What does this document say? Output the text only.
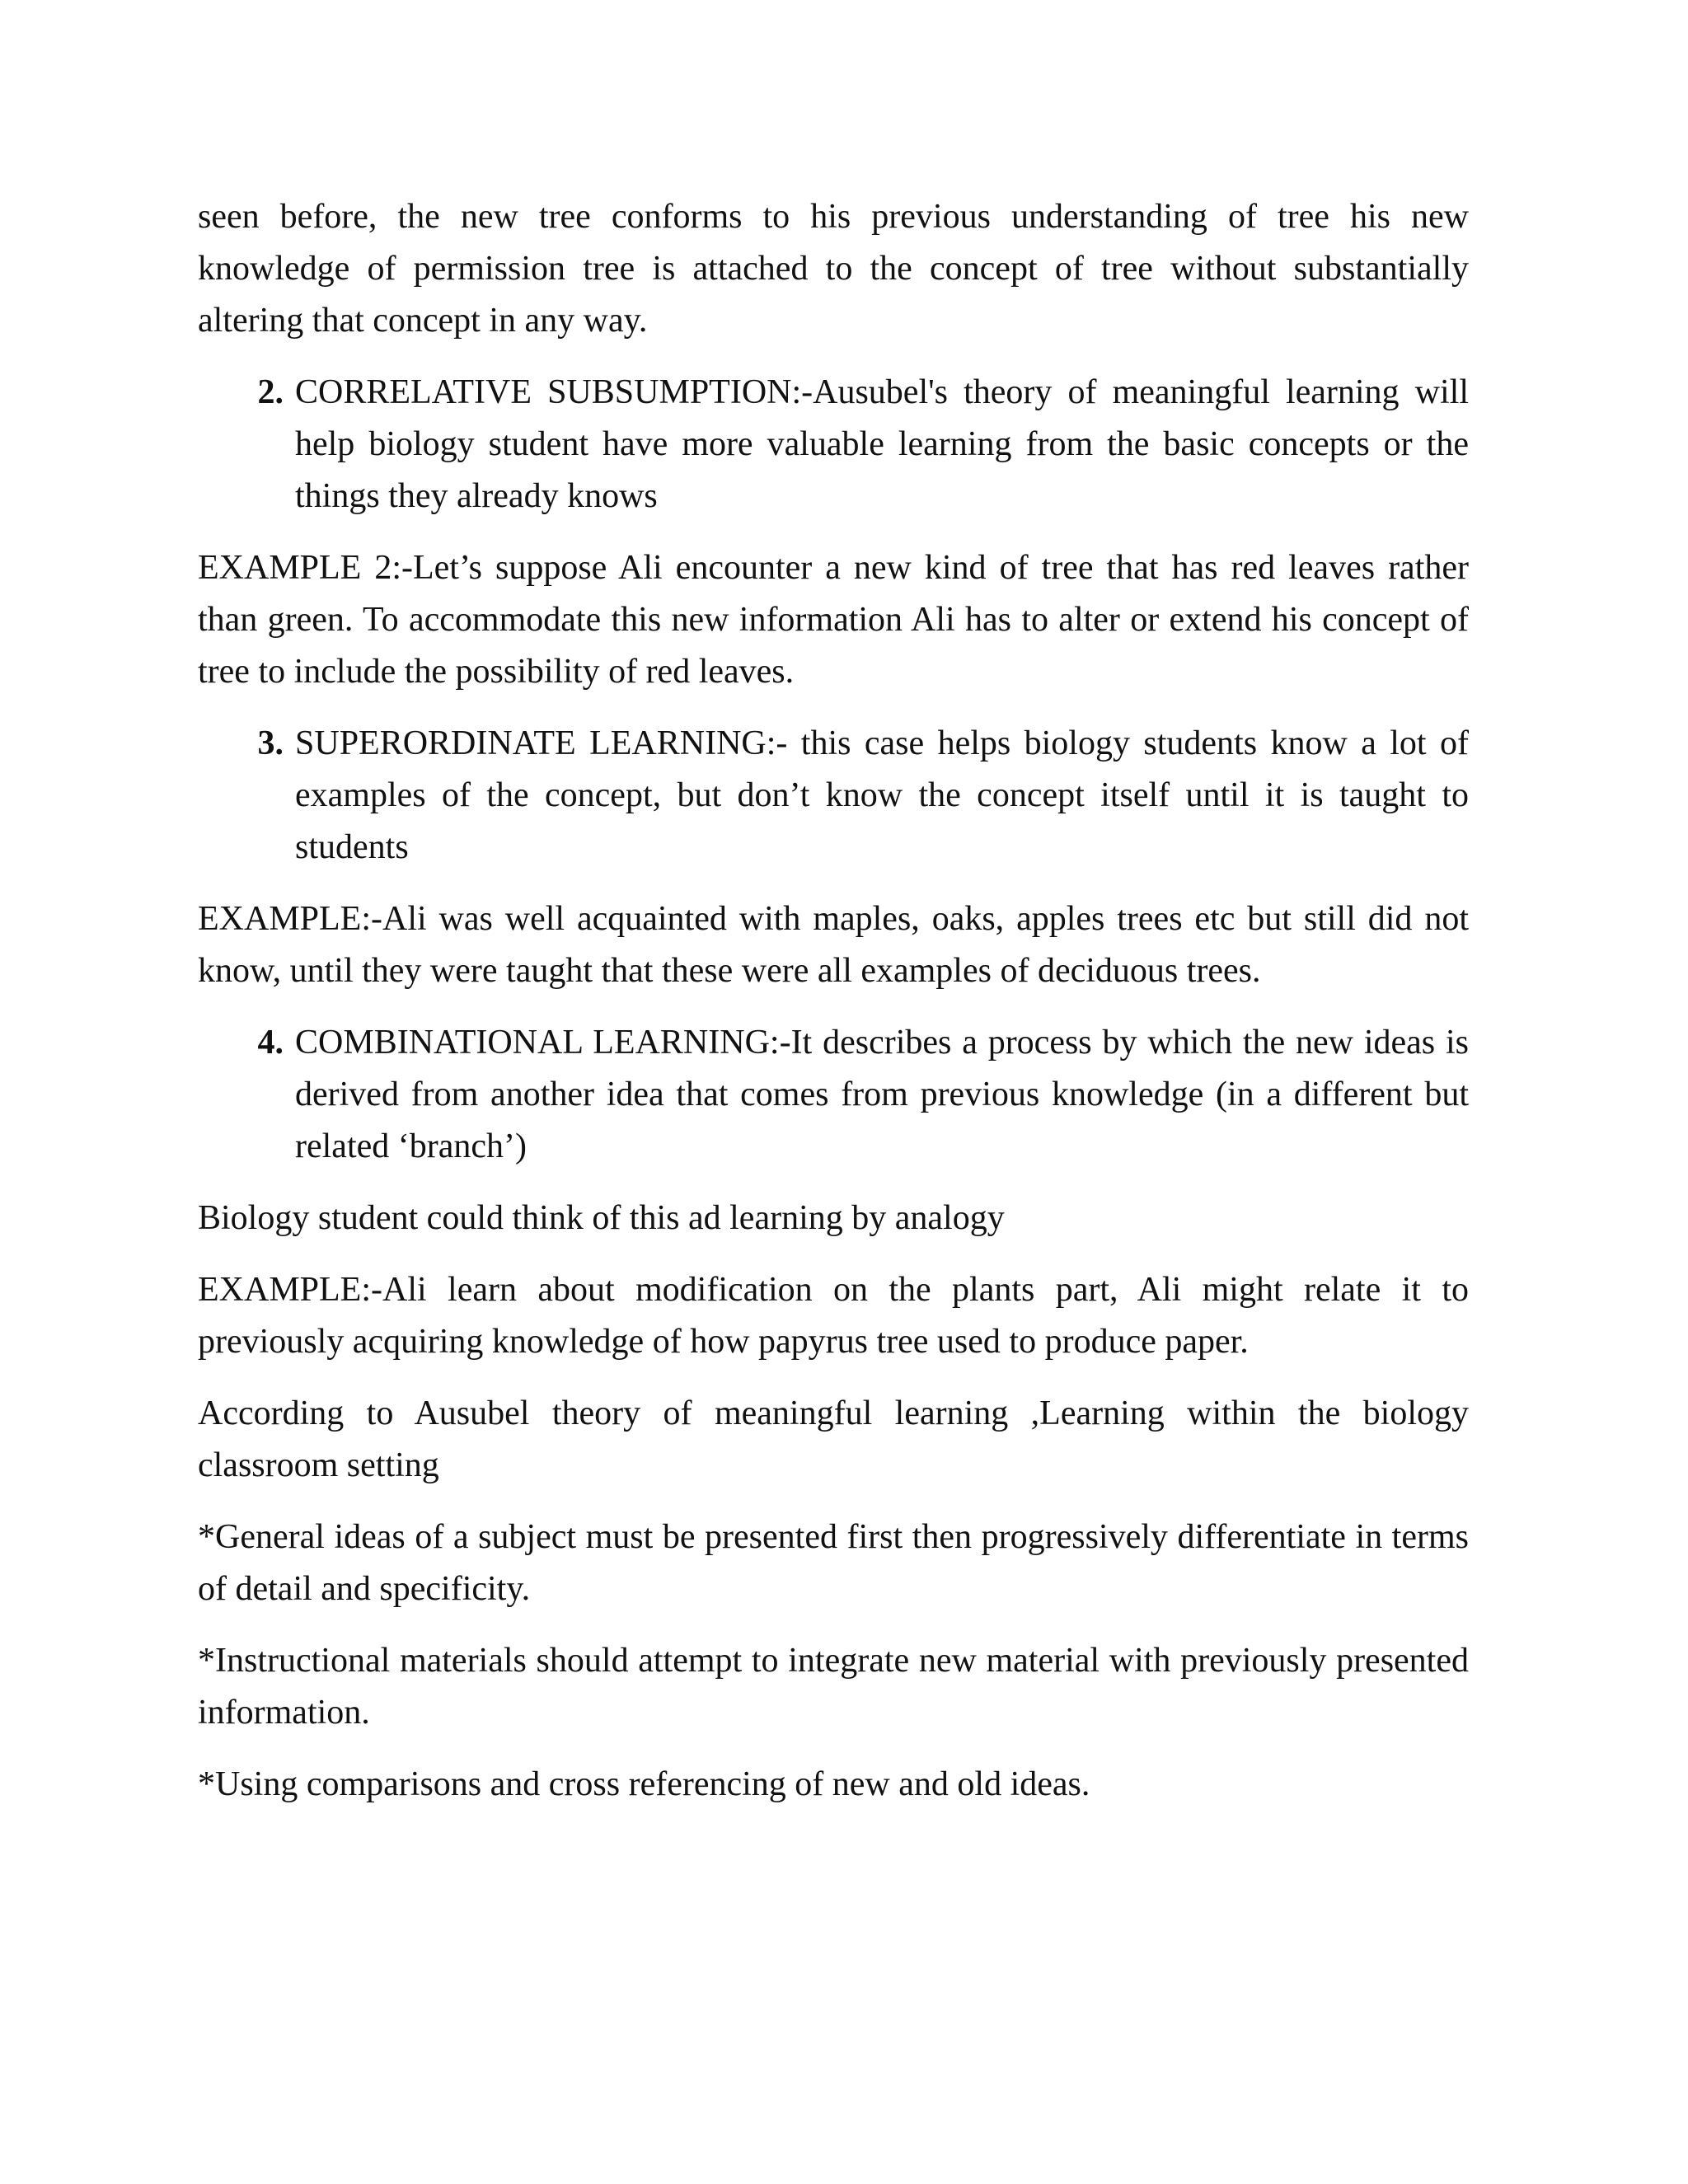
seen before, the new tree conforms to his previous understanding of tree his new knowledge of permission tree is attached to the concept of tree without substantially altering that concept in any way.

2. CORRELATIVE SUBSUMPTION:-Ausubel's theory of meaningful learning will help biology student have more valuable learning from the basic concepts or the things they already knows

EXAMPLE 2:-Let’s suppose Ali encounter a new kind of tree that has red leaves rather than green. To accommodate this new information Ali has to alter or extend his concept of tree to include the possibility of red leaves.

3. SUPERORDINATE LEARNING:- this case helps biology students know a lot of examples of the concept, but don’t know the concept itself until it is taught to students

EXAMPLE:-Ali was well acquainted with maples, oaks, apples trees etc but still did not know, until they were taught that these were all examples of deciduous trees.

4. COMBINATIONAL LEARNING:-It describes a process by which the new ideas is derived from another idea that comes from previous knowledge (in a different but related ‘branch’)

Biology student could think of this ad learning by analogy

EXAMPLE:-Ali learn about modification on the plants part, Ali might relate it to previously acquiring knowledge of how papyrus tree used to produce paper.

According to Ausubel theory of meaningful learning ,Learning within the biology classroom setting

*General ideas of a subject must be presented first then progressively differentiate in terms of detail and specificity.

*Instructional materials should attempt to integrate new material with previously presented information.

*Using comparisons and cross referencing of new and old ideas.
